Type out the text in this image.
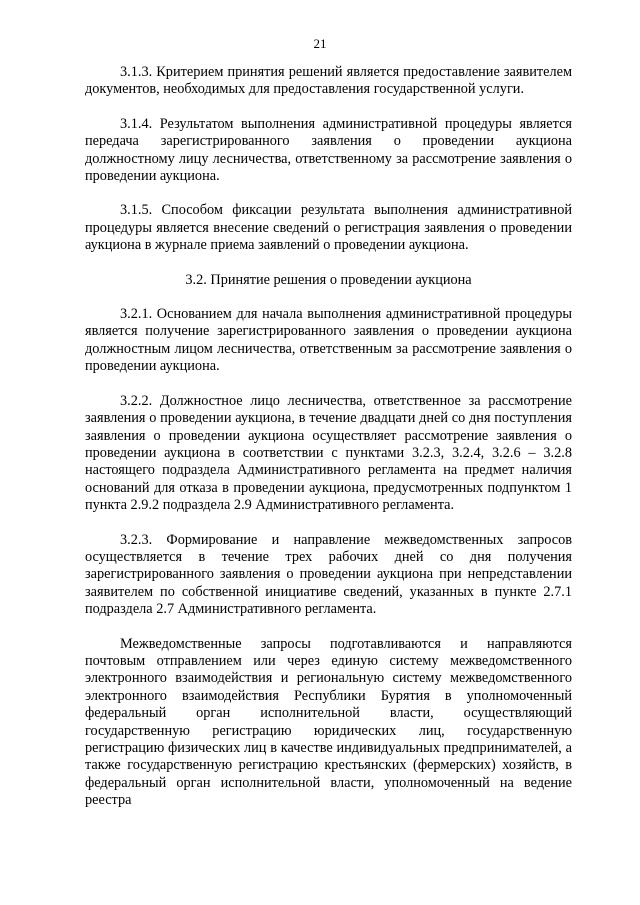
21

3.1.3. Критерием принятия решений является предоставление заявителем документов, необходимых для предоставления государственной услуги.

3.1.4. Результатом выполнения административной процедуры является передача зарегистрированного заявления о проведении аукциона должностному лицу лесничества, ответственному за рассмотрение заявления о проведении аукциона.

3.1.5. Способом фиксации результата выполнения административной процедуры является внесение сведений о регистрация заявления о проведении аукциона в журнале приема заявлений о проведении аукциона.

3.2. Принятие решения о проведении аукциона

3.2.1. Основанием для начала выполнения административной процедуры является получение зарегистрированного заявления о проведении аукциона должностным лицом лесничества, ответственным за рассмотрение заявления о проведении аукциона.

3.2.2. Должностное лицо лесничества, ответственное за рассмотрение заявления о проведении аукциона, в течение двадцати дней со дня поступления заявления о проведении аукциона осуществляет рассмотрение заявления о проведении аукциона в соответствии с пунктами 3.2.3, 3.2.4, 3.2.6 – 3.2.8 настоящего подраздела Административного регламента на предмет наличия оснований для отказа в проведении аукциона, предусмотренных подпунктом 1 пункта 2.9.2 подраздела 2.9 Административного регламента.

3.2.3. Формирование и направление межведомственных запросов осуществляется в течение трех рабочих дней со дня получения зарегистрированного заявления о проведении аукциона при непредставлении заявителем по собственной инициативе сведений, указанных в пункте 2.7.1 подраздела 2.7 Административного регламента.

Межведомственные запросы подготавливаются и направляются почтовым отправлением или через единую систему межведомственного электронного взаимодействия и региональную систему межведомственного электронного взаимодействия Республики Бурятия в уполномоченный федеральный орган исполнительной власти, осуществляющий государственную регистрацию юридических лиц, государственную регистрацию физических лиц в качестве индивидуальных предпринимателей, а также государственную регистрацию крестьянских (фермерских) хозяйств, в федеральный орган исполнительной власти, уполномоченный на ведение реестра
